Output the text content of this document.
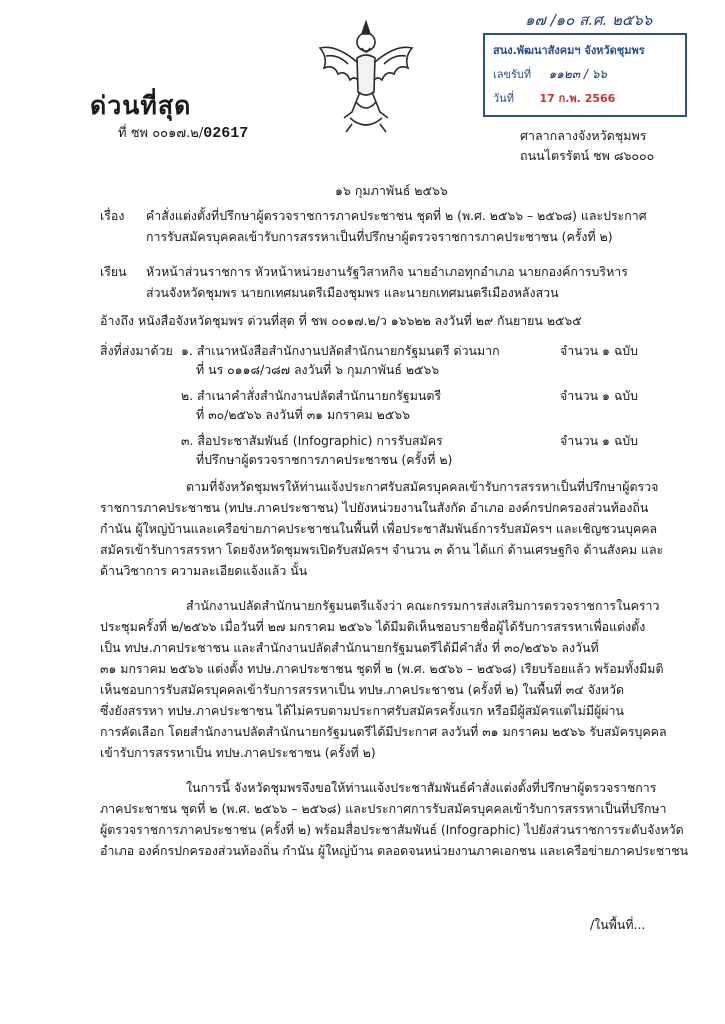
ด่วนที่สุด
ที่ ชพ ๐๐๑๗.๒/02617
๑๗ /๑๐ ส.ศ. ๒๕๖๖
สนง.พัฒนาสังคมฯ จังหวัดชุมพร
เลขรับที่ ๑๑๒๓ / ๖๖
วันที่ 17 ก.พ. 2566
ศาลากลางจังหวัดชุมพร
ถนนไตรรัตน์ ชพ ๘๖๐๐๐
๑๖ กุมภาพันธ์ ๒๕๖๖
เรื่อง คำสั่งแต่งตั้งที่ปรึกษาผู้ตรวจราชการภาคประชาชน ชุดที่ ๒ (พ.ศ. ๒๕๖๖ – ๒๕๖๘) และประกาศ
การรับสมัครบุคคลเข้ารับการสรรหาเป็นที่ปรึกษาผู้ตรวจราชการภาคประชาชน (ครั้งที่ ๒)
เรียน หัวหน้าส่วนราชการ หัวหน้าหน่วยงานรัฐวิสาหกิจ นายอำเภอทุกอำเภอ นายกองค์การบริหาร
ส่วนจังหวัดชุมพร นายกเทศมนตรีเมืองชุมพร และนายกเทศมนตรีเมืองหลังสวน
อ้างถึง หนังสือจังหวัดชุมพร ด่วนที่สุด ที่ ชพ ๐๐๑๗.๒/ว ๑๖๖๒๒ ลงวันที่ ๒๙ กันยายน ๒๕๖๕
สิ่งที่ส่งมาด้วย ๑. สำเนาหนังสือสำนักงานปลัดสำนักนายกรัฐมนตรี ด่วนมาก
ที่ นร ๐๑๑๘/ว๘๗ ลงวันที่ ๖ กุมภาพันธ์ ๒๕๖๖
จำนวน ๑ ฉบับ
๒. สำเนาคำสั่งสำนักงานปลัดสำนักนายกรัฐมนตรี
ที่ ๓๐/๒๕๖๖ ลงวันที่ ๓๑ มกราคม ๒๕๖๖
จำนวน ๑ ฉบับ
๓. สื่อประชาสัมพันธ์ (Infographic) การรับสมัคร
ที่ปรึกษาผู้ตรวจราชการภาคประชาชน (ครั้งที่ ๒)
จำนวน ๑ ฉบับ
ตามที่จังหวัดชุมพรให้ท่านแจ้งประกาศรับสมัครบุคคลเข้ารับการสรรหาเป็นที่ปรึกษาผู้ตรวจ
ราชการภาคประชาชน (ทปษ.ภาคประชาชน) ไปยังหน่วยงานในสังกัด อำเภอ องค์กรปกครองส่วนท้องถิ่น
กำนัน ผู้ใหญ่บ้านและเครือข่ายภาคประชาชนในพื้นที่ เพื่อประชาสัมพันธ์การรับสมัครฯ และเชิญชวนบุคคล
สมัครเข้ารับการสรรหา โดยจังหวัดชุมพรเปิดรับสมัครฯ จำนวน ๓ ด้าน ได้แก่ ด้านเศรษฐกิจ ด้านสังคม และ
ด้านวิชาการ ความละเอียดแจ้งแล้ว นั้น
สำนักงานปลัดสำนักนายกรัฐมนตรีแจ้งว่า คณะกรรมการส่งเสริมการตรวจราชการในคราว
ประชุมครั้งที่ ๒/๒๕๖๖ เมื่อวันที่ ๒๗ มกราคม ๒๕๖๖ ได้มีมติเห็นชอบรายชื่อผู้ได้รับการสรรหาเพื่อแต่งตั้ง
เป็น ทปษ.ภาคประชาชน และสำนักงานปลัดสำนักนายกรัฐมนตรีได้มีคำสั่ง ที่ ๓๐/๒๕๖๖ ลงวันที่
๓๑ มกราคม ๒๕๖๖ แต่งตั้ง ทปษ.ภาคประชาชน ชุดที่ ๒ (พ.ศ. ๒๕๖๖ – ๒๕๖๘) เรียบร้อยแล้ว พร้อมทั้งมีมติ
เห็นชอบการรับสมัครบุคคลเข้ารับการสรรหาเป็น ทปษ.ภาคประชาชน (ครั้งที่ ๒) ในพื้นที่ ๓๔ จังหวัด
ซึ่งยังสรรหา ทปษ.ภาคประชาชน ได้ไม่ครบตามประกาศรับสมัครครั้งแรก หรือมีผู้สมัครแต่ไม่มีผู้ผ่าน
การคัดเลือก โดยสำนักงานปลัดสำนักนายกรัฐมนตรีได้มีประกาศ ลงวันที่ ๓๑ มกราคม ๒๕๖๖ รับสมัครบุคคล
เข้ารับการสรรหาเป็น ทปษ.ภาคประชาชน (ครั้งที่ ๒)
ในการนี้ จังหวัดชุมพรจึงขอให้ท่านแจ้งประชาสัมพันธ์คำสั่งแต่งตั้งที่ปรึกษาผู้ตรวจราชการ
ภาคประชาชน ชุดที่ ๒ (พ.ศ. ๒๕๖๖ – ๒๕๖๘) และประกาศการรับสมัครบุคคลเข้ารับการสรรหาเป็นที่ปรึกษา
ผู้ตรวจราชการภาคประชาชน (ครั้งที่ ๒) พร้อมสื่อประชาสัมพันธ์ (Infographic) ไปยังส่วนราชการระดับจังหวัด
อำเภอ องค์กรปกครองส่วนท้องถิ่น กำนัน ผู้ใหญ่บ้าน ตลอดจนหน่วยงานภาคเอกชน และเครือข่ายภาคประชาชน
/ในพื้นที่...
